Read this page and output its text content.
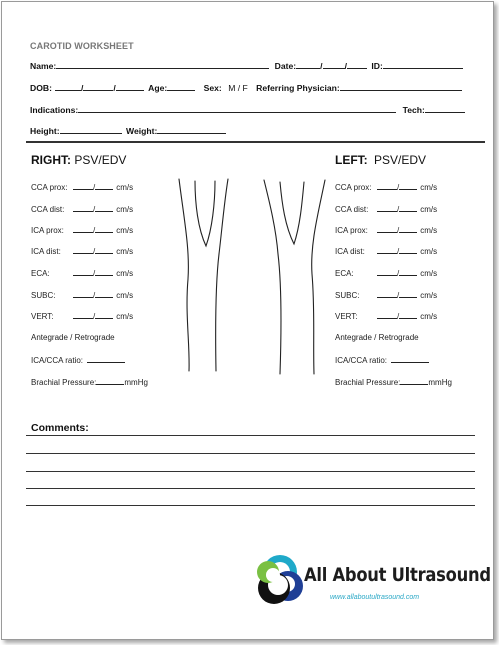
CAROTID WORKSHEET
Name:	Date:	/	/	ID:
DOB:	/	/	Age:	Sex: M / F Referring Physician:
Indications:	Tech:
Height:	Weight:
RIGHT: PSV/EDV
CCA prox:	/	cm/s
CCA dist:	/	cm/s
ICA prox:	/	cm/s
ICA dist:	/	cm/s
ECA:	/	cm/s
SUBC:	/	cm/s
VERT:	/	cm/s
Antegrade / Retrograde
ICA/CCA ratio:
Brachial Pressure:	mmHg
LEFT: PSV/EDV
CCA prox:	/	cm/s
CCA dist:	/	cm/s
ICA prox:	/	cm/s
ICA dist:	/	cm/s
ECA:	/	cm/s
SUBC:	/	cm/s
VERT:	/	cm/s
Antegrade / Retrograde
ICA/CCA ratio:
Brachial Pressure:	mmHg
Comments:
All About Ultrasound
www.allaboutultrasound.com
